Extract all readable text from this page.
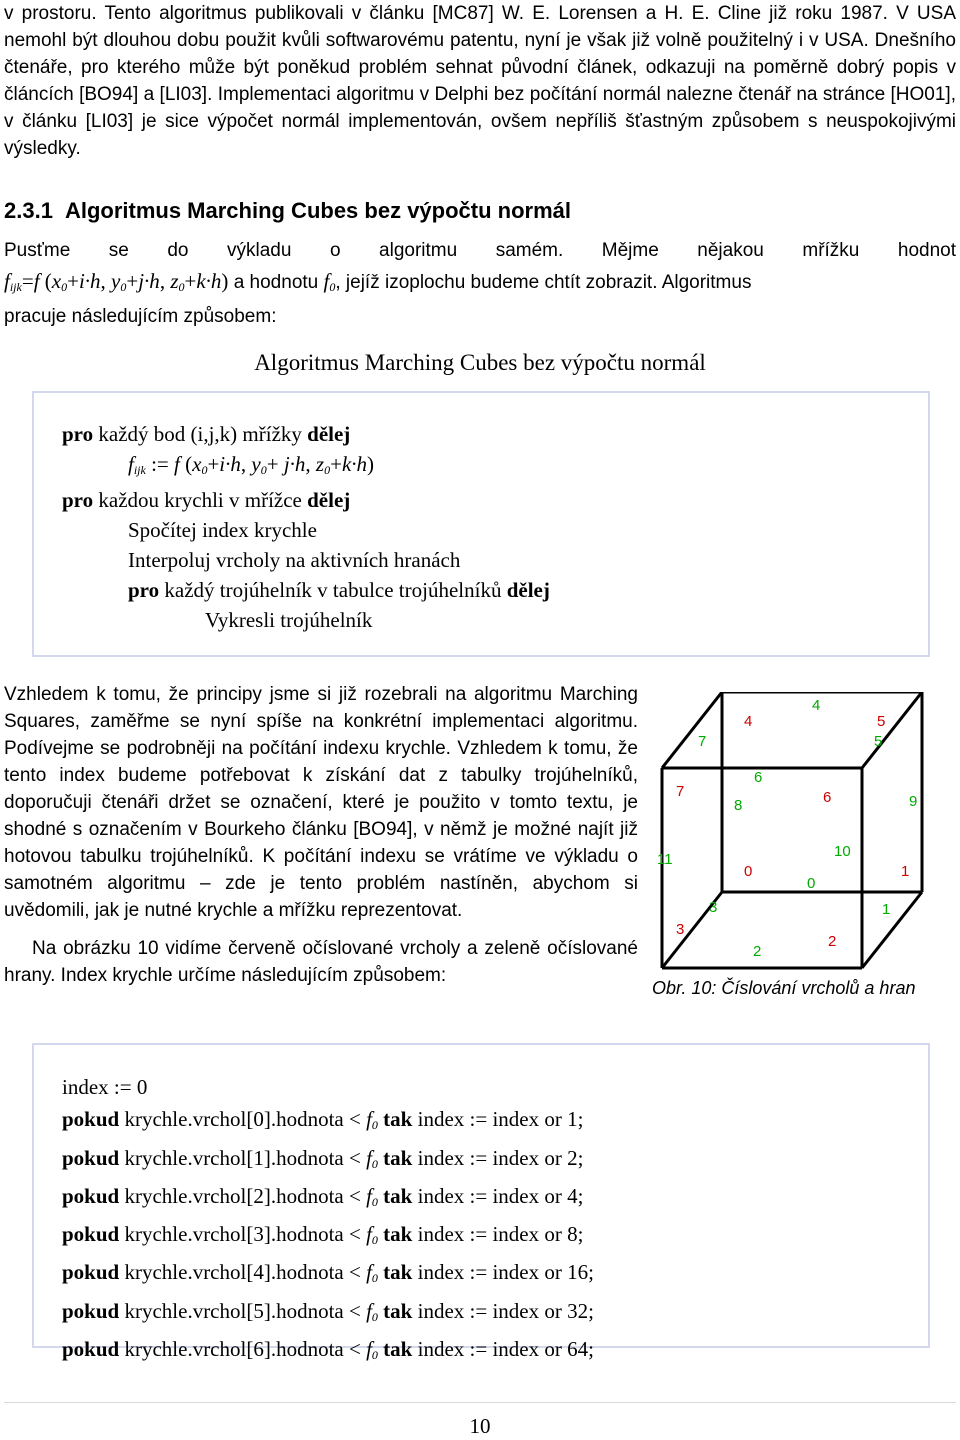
v prostoru. Tento algoritmus publikovali v článku [MC87] W. E. Lorensen a H. E. Cline již roku 1987. V USA nemohl být dlouhou dobu použit kvůli softwarovému patentu, nyní je však již volně použitelný i v USA. Dnešního čtenáře, pro kterého může být poněkud problém sehnat původní článek, odkazuji na poměrně dobrý popis v článcích [BO94] a [LI03]. Implementaci algoritmu v Delphi bez počítání normál nalezne čtenář na stránce [HO01], v článku [LI03] je sice výpočet normál implementován, ovšem nepříliš šťastným způsobem s neuspokojivými výsledky.

2.3.1 Algoritmus Marching Cubes bez výpočtu normál
Pusťme se do výkladu o algoritmu samém. Mějme nějakou mřížku hodnot
$f_{ijk}=f$ ($x_0+i\cdot h$, $y_0+j\cdot h$, $z_0+k\cdot h$) a hodnotu $f_0$, jejíž izoplochu budeme chtít zobrazit. Algoritmus
pracuje následujícím způsobem:
Algoritmus Marching Cubes bez výpočtu normál
pro každý bod (i,j,k) mřížky dělej
$f_{ijk}$ := f ($x_0+i\cdot h$, $y_0+ j\cdot h$, $z_0+k\cdot h$)
pro každou krychli v mřížce dělej
Spočítej index krychle
Interpoluj vrcholy na aktivních hranách
pro každý trojúhelník v tabulce trojúhelníků dělej
Vykresli trojúhelník

Vzhledem k tomu, že principy jsme si již rozebrali na algoritmu Marching Squares, zaměřme se nyní spíše na konkrétní implementaci algoritmu. Podívejme se podrobněji na počítání indexu krychle. Vzhledem k tomu, že tento index budeme potřebovat k získání dat z tabulky trojúhelníků, doporučuji čtenáři držet se označení, které je použito v tomto textu, je shodné s označením v Bourkeho článku [BO94], v němž je možné najít již hotovou tabulku trojúhelníků. K počítání indexu se vrátíme ve výkladu o samotném algoritmu – zde je tento problém nastíněn, abychom si uvědomili, jak je nutné krychle a mřížku reprezentovat.

Na obrázku 10 vidíme červeně očíslované vrcholy a zeleně očíslované hrany. Index krychle určíme následujícím způsobem:

4	5
7	6
0	1
3
2
4
5
7
6
8	9
10
11
0
1
3
2
Obr. 10: Číslování vrcholů a hran
index := 0
pokud krychle.vrchol[0].hodnota < $f_0$ tak index := index or 1;
pokud krychle.vrchol[1].hodnota < $f_0$ tak index := index or 2;
pokud krychle.vrchol[2].hodnota < $f_0$ tak index := index or 4;
pokud krychle.vrchol[3].hodnota < $f_0$ tak index := index or 8;
pokud krychle.vrchol[4].hodnota < $f_0$ tak index := index or 16;
pokud krychle.vrchol[5].hodnota < $f_0$ tak index := index or 32;
pokud krychle.vrchol[6].hodnota < $f_0$ tak index := index or 64;
10
